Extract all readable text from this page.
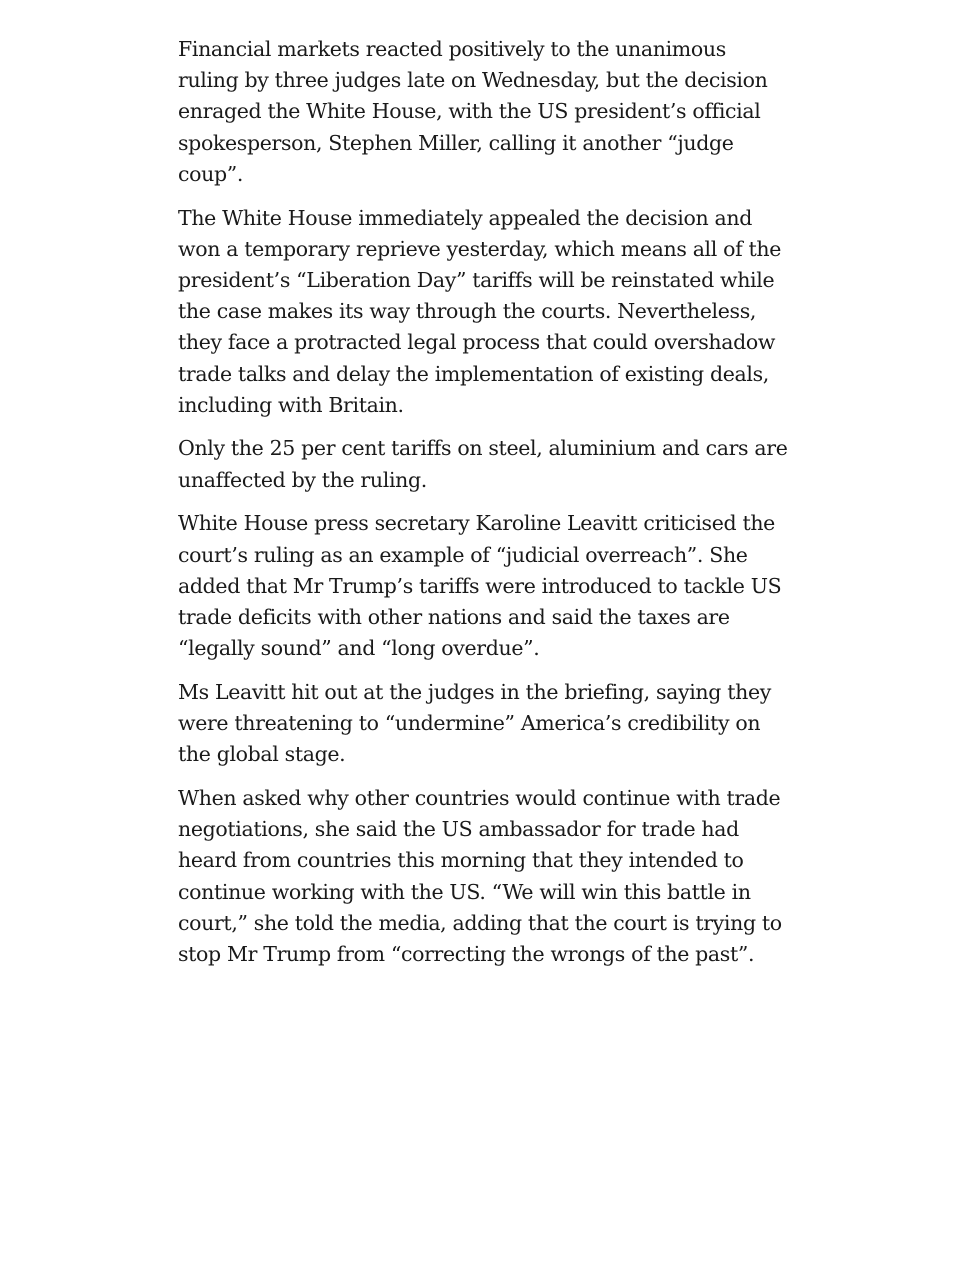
Financial markets reacted positively to the unanimous ruling by three judges late on Wednesday, but the decision enraged the White House, with the US president’s official spokesperson, Stephen Miller, calling it another “judge coup”.

The White House immediately appealed the decision and won a temporary reprieve yesterday, which means all of the president’s “Liberation Day” tariffs will be reinstated while the case makes its way through the courts. Nevertheless, they face a protracted legal process that could overshadow trade talks and delay the implementation of existing deals, including with Britain.

Only the 25 per cent tariffs on steel, aluminium and cars are unaffected by the ruling.

White House press secretary Karoline Leavitt criticised the court’s ruling as an example of “judicial overreach”. She added that Mr Trump’s tariffs were introduced to tackle US trade deficits with other nations and said the taxes are “legally sound” and “long overdue”.

Ms Leavitt hit out at the judges in the briefing, saying they were threatening to “undermine” America’s credibility on the global stage.

When asked why other countries would continue with trade negotiations, she said the US ambassador for trade had heard from countries this morning that they intended to continue working with the US. “We will win this battle in court,” she told the media, adding that the court is trying to stop Mr Trump from “correcting the wrongs of the past”.
